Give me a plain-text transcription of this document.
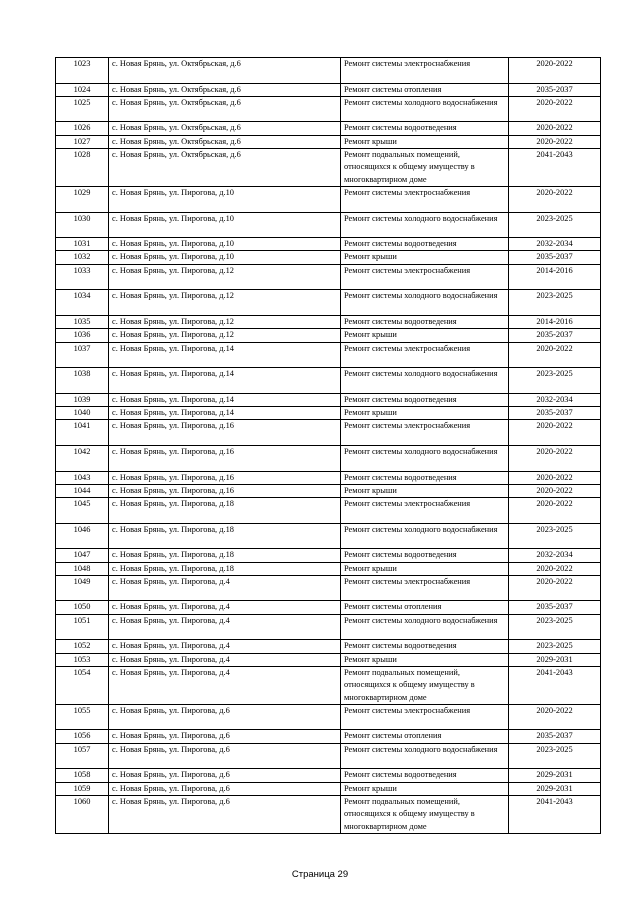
1023	с. Новая Брянь, ул. Октябрьская, д.6	Ремонт системы электроснабжения	2020-2022
1024	с. Новая Брянь, ул. Октябрьская, д.6	Ремонт системы отопления	2035-2037
1025	с. Новая Брянь, ул. Октябрьская, д.6	Ремонт системы холодного водоснабжения	2020-2022
1026	с. Новая Брянь, ул. Октябрьская, д.6	Ремонт системы водоотведения	2020-2022
1027	с. Новая Брянь, ул. Октябрьская, д.6	Ремонт крыши	2020-2022
1028	с. Новая Брянь, ул. Октябрьская, д.6	Ремонт подвальных помещений, относящихся к общему имуществу в многоквартирном доме	2041-2043
1029	с. Новая Брянь, ул. Пирогова, д.10	Ремонт системы электроснабжения	2020-2022
1030	с. Новая Брянь, ул. Пирогова, д.10	Ремонт системы холодного водоснабжения	2023-2025
1031	с. Новая Брянь, ул. Пирогова, д.10	Ремонт системы водоотведения	2032-2034
1032	с. Новая Брянь, ул. Пирогова, д.10	Ремонт крыши	2035-2037
1033	с. Новая Брянь, ул. Пирогова, д.12	Ремонт системы электроснабжения	2014-2016
1034	с. Новая Брянь, ул. Пирогова, д.12	Ремонт системы холодного водоснабжения	2023-2025
1035	с. Новая Брянь, ул. Пирогова, д.12	Ремонт системы водоотведения	2014-2016
1036	с. Новая Брянь, ул. Пирогова, д.12	Ремонт крыши	2035-2037
1037	с. Новая Брянь, ул. Пирогова, д.14	Ремонт системы электроснабжения	2020-2022
1038	с. Новая Брянь, ул. Пирогова, д.14	Ремонт системы холодного водоснабжения	2023-2025
1039	с. Новая Брянь, ул. Пирогова, д.14	Ремонт системы водоотведения	2032-2034
1040	с. Новая Брянь, ул. Пирогова, д.14	Ремонт крыши	2035-2037
1041	с. Новая Брянь, ул. Пирогова, д.16	Ремонт системы электроснабжения	2020-2022
1042	с. Новая Брянь, ул. Пирогова, д.16	Ремонт системы холодного водоснабжения	2020-2022
1043	с. Новая Брянь, ул. Пирогова, д.16	Ремонт системы водоотведения	2020-2022
1044	с. Новая Брянь, ул. Пирогова, д.16	Ремонт крыши	2020-2022
1045	с. Новая Брянь, ул. Пирогова, д.18	Ремонт системы электроснабжения	2020-2022
1046	с. Новая Брянь, ул. Пирогова, д.18	Ремонт системы холодного водоснабжения	2023-2025
1047	с. Новая Брянь, ул. Пирогова, д.18	Ремонт системы водоотведения	2032-2034
1048	с. Новая Брянь, ул. Пирогова, д.18	Ремонт крыши	2020-2022
1049	с. Новая Брянь, ул. Пирогова, д.4	Ремонт системы электроснабжения	2020-2022
1050	с. Новая Брянь, ул. Пирогова, д.4	Ремонт системы отопления	2035-2037
1051	с. Новая Брянь, ул. Пирогова, д.4	Ремонт системы холодного водоснабжения	2023-2025
1052	с. Новая Брянь, ул. Пирогова, д.4	Ремонт системы водоотведения	2023-2025
1053	с. Новая Брянь, ул. Пирогова, д.4	Ремонт крыши	2029-2031
1054	с. Новая Брянь, ул. Пирогова, д.4	Ремонт подвальных помещений, относящихся к общему имуществу в многоквартирном доме	2041-2043
1055	с. Новая Брянь, ул. Пирогова, д.6	Ремонт системы электроснабжения	2020-2022
1056	с. Новая Брянь, ул. Пирогова, д.6	Ремонт системы отопления	2035-2037
1057	с. Новая Брянь, ул. Пирогова, д.6	Ремонт системы холодного водоснабжения	2023-2025
1058	с. Новая Брянь, ул. Пирогова, д.6	Ремонт системы водоотведения	2029-2031
1059	с. Новая Брянь, ул. Пирогова, д.6	Ремонт крыши	2029-2031
1060	с. Новая Брянь, ул. Пирогова, д.6	Ремонт подвальных помещений, относящихся к общему имуществу в многоквартирном доме	2041-2043
Страница 29
